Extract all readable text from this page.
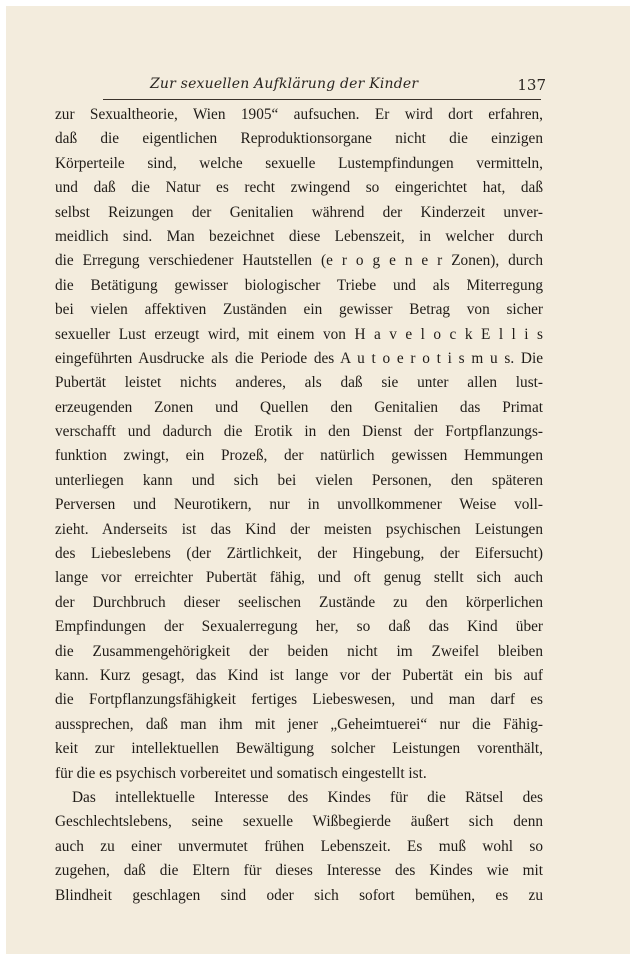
Zur sexuellen Aufklärung der Kinder	137
zur Sexualtheorie, Wien 1905“ aufsuchen. Er wird dort erfahren,
daß die eigentlichen Reproduktionsorgane nicht die einzigen
Körperteile sind, welche sexuelle Lustempfindungen vermitteln,
und daß die Natur es recht zwingend so eingerichtet hat, daß
selbst Reizungen der Genitalien während der Kinderzeit unver-
meidlich sind. Man bezeichnet diese Lebenszeit, in welcher durch
die Erregung verschiedener Hautstellen (e r o g e n e r Zonen), durch
die Betätigung gewisser biologischer Triebe und als Miterregung
bei vielen affektiven Zuständen ein gewisser Betrag von sicher
sexueller Lust erzeugt wird, mit einem von H a v e l o c k E l l i s
eingeführten Ausdrucke als die Periode des A u t o e r o t i s m u s. Die
Pubertät leistet nichts anderes, als daß sie unter allen lust-
erzeugenden Zonen und Quellen den Genitalien das Primat
verschafft und dadurch die Erotik in den Dienst der Fortpflanzungs-
funktion zwingt, ein Prozeß, der natürlich gewissen Hemmungen
unterliegen kann und sich bei vielen Personen, den späteren
Perversen und Neurotikern, nur in unvollkommener Weise voll-
zieht. Anderseits ist das Kind der meisten psychischen Leistungen
des Liebeslebens (der Zärtlichkeit, der Hingebung, der Eifersucht)
lange vor erreichter Pubertät fähig, und oft genug stellt sich auch
der Durchbruch dieser seelischen Zustände zu den körperlichen
Empfindungen der Sexualerregung her, so daß das Kind über
die Zusammengehörigkeit der beiden nicht im Zweifel bleiben
kann. Kurz gesagt, das Kind ist lange vor der Pubertät ein bis auf
die Fortpflanzungsfähigkeit fertiges Liebeswesen, und man darf es
aussprechen, daß man ihm mit jener „Geheimtuerei“ nur die Fähig-
keit zur intellektuellen Bewältigung solcher Leistungen vorenthält,
für die es psychisch vorbereitet und somatisch eingestellt ist.
Das intellektuelle Interesse des Kindes für die Rätsel des
Geschlechtslebens, seine sexuelle Wißbegierde äußert sich denn
auch zu einer unvermutet frühen Lebenszeit. Es muß wohl so
zugehen, daß die Eltern für dieses Interesse des Kindes wie mit
Blindheit geschlagen sind oder sich sofort bemühen, es zu
